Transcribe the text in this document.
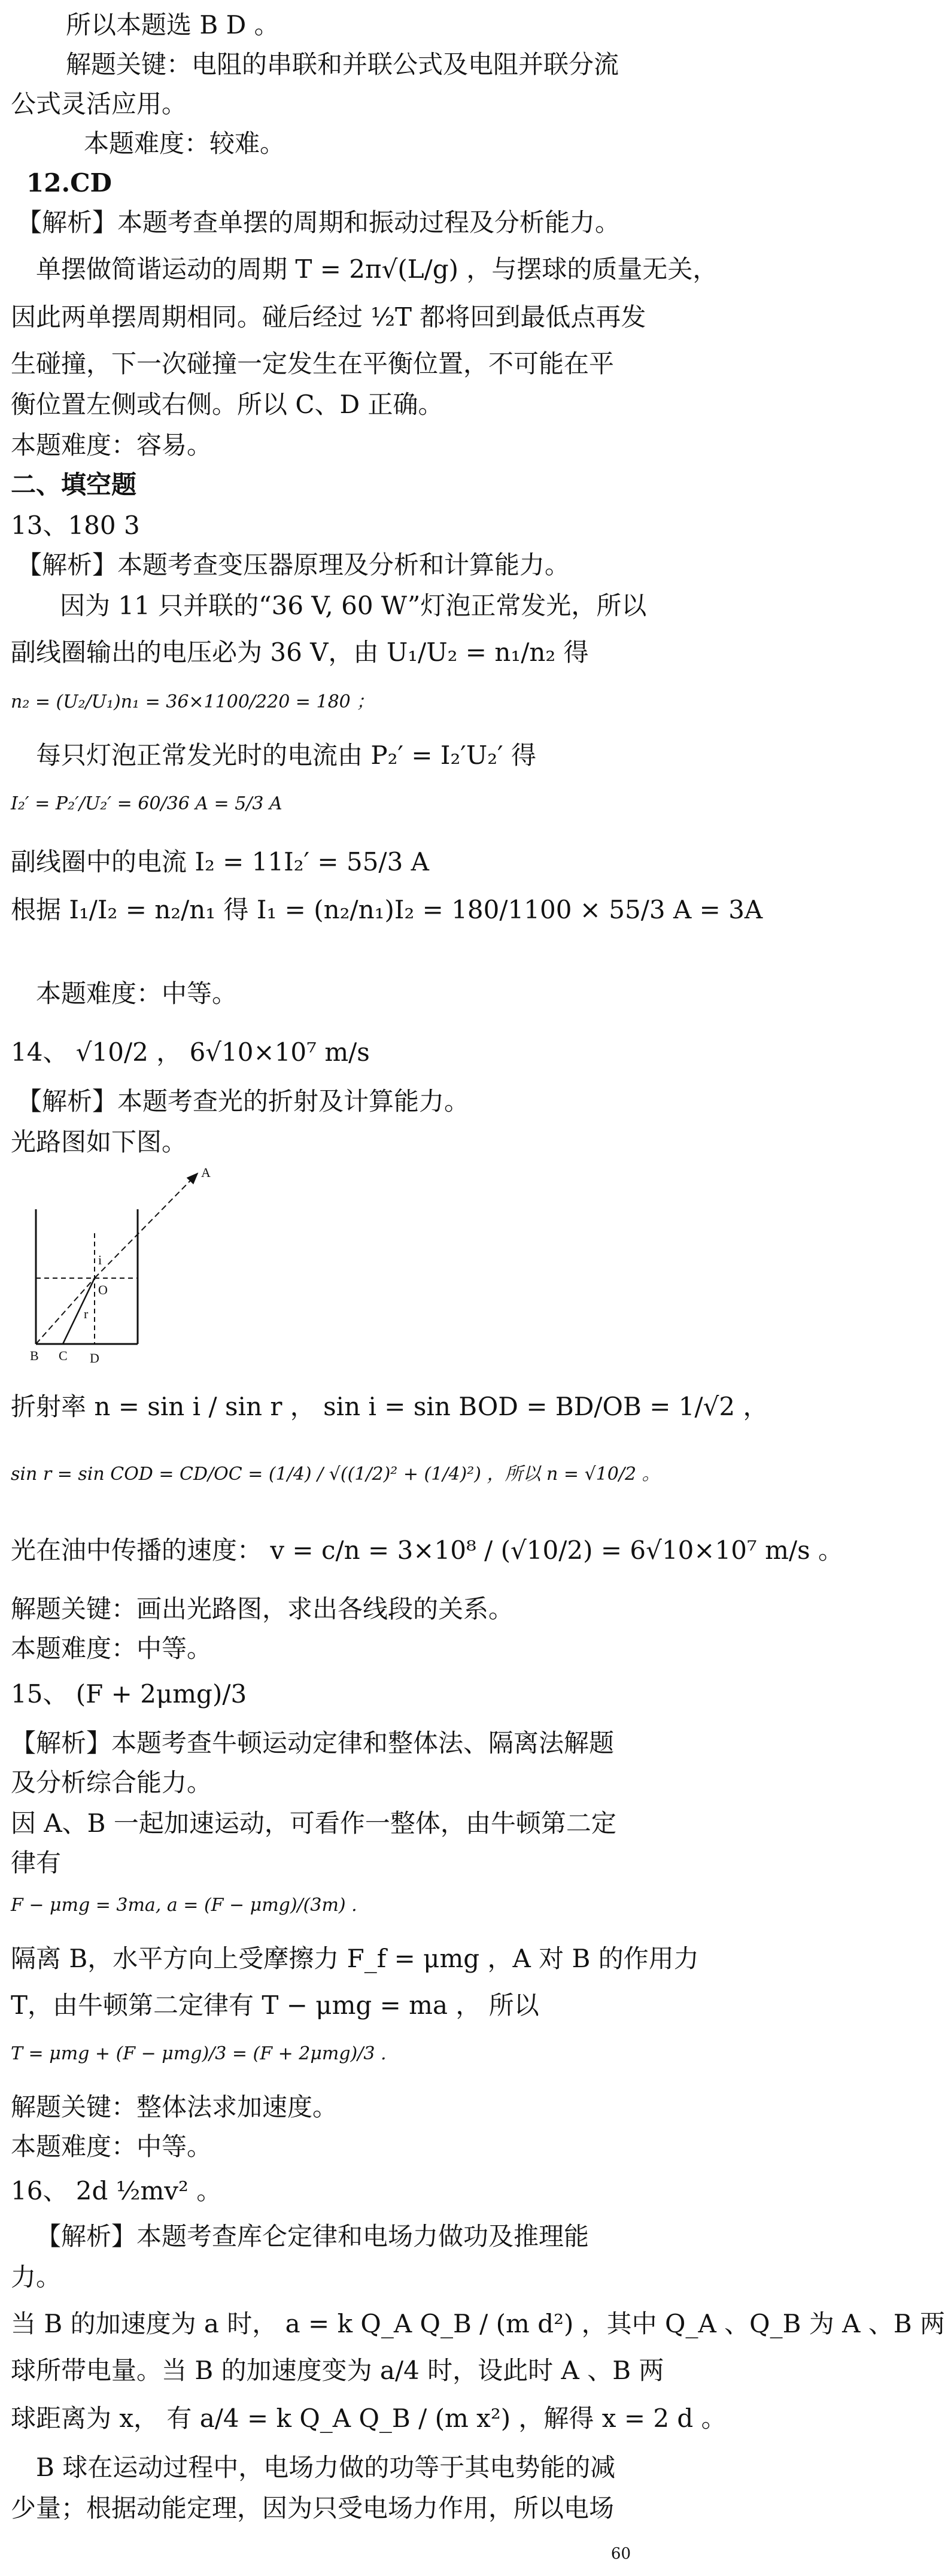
所以本题选 B D 。
解题关键：电阻的串联和并联公式及电阻并联分流
公式灵活应用。
本题难度：较难。
12.CD
【解析】本题考查单摆的周期和振动过程及分析能力。
单摆做简谐运动的周期 T = 2π√(L/g) ，与摆球的质量无关，
因此两单摆周期相同。碰后经过 ½T 都将回到最低点再发
生碰撞，下一次碰撞一定发生在平衡位置，不可能在平
衡位置左侧或右侧。所以 C、D 正确。
本题难度：容易。
二、填空题
13、180 3
【解析】本题考查变压器原理及分析和计算能力。
因为 11 只并联的“36 V, 60 W”灯泡正常发光，所以
副线圈输出的电压必为 36 V，由 U₁/U₂ = n₁/n₂ 得
n₂ = (U₂/U₁)n₁ = 36×1100/220 = 180 ；
每只灯泡正常发光时的电流由 P₂′ = I₂′U₂′ 得
I₂′ = P₂′/U₂′ = 60/36 A = 5/3 A
副线圈中的电流 I₂ = 11I₂′ = 55/3 A
根据 I₁/I₂ = n₂/n₁ 得 I₁ = (n₂/n₁)I₂ = 180/1100 × 55/3 A = 3A
本题难度：中等。
14、 √10/2 ， 6√10×10⁷ m/s
【解析】本题考查光的折射及计算能力。
光路图如下图。
A
B C D
O
i
r
折射率 n = sin i / sin r ， sin i = sin BOD = BD/OB = 1/√2 ，
sin r = sin COD = CD/OC = (1/4) / √((1/2)² + (1/4)²) ，所以 n = √10/2 。
光在油中传播的速度： v = c/n = 3×10⁸ / (√10/2) = 6√10×10⁷ m/s 。
解题关键：画出光路图，求出各线段的关系。
本题难度：中等。
15、 (F + 2μmg)/3
【解析】本题考查牛顿运动定律和整体法、隔离法解题
及分析综合能力。
因 A、B 一起加速运动，可看作一整体，由牛顿第二定
律有
F − μmg = 3ma, a = (F − μmg)/(3m) .
隔离 B，水平方向上受摩擦力 F_f = μmg ，A 对 B 的作用力
T，由牛顿第二定律有 T − μmg = ma ， 所以
T = μmg + (F − μmg)/3 = (F + 2μmg)/3 .
解题关键：整体法求加速度。
本题难度：中等。
16、 2d ½mv² 。
【解析】本题考查库仑定律和电场力做功及推理能
力。
当 B 的加速度为 a 时， a = k Q_A Q_B / (m d²) ，其中 Q_A 、Q_B 为 A 、B 两
球所带电量。当 B 的加速度变为 a/4 时，设此时 A 、B 两
球距离为 x， 有 a/4 = k Q_A Q_B / (m x²) ，解得 x = 2 d 。
B 球在运动过程中，电场力做的功等于其电势能的减
少量；根据动能定理，因为只受电场力作用，所以电场
60
